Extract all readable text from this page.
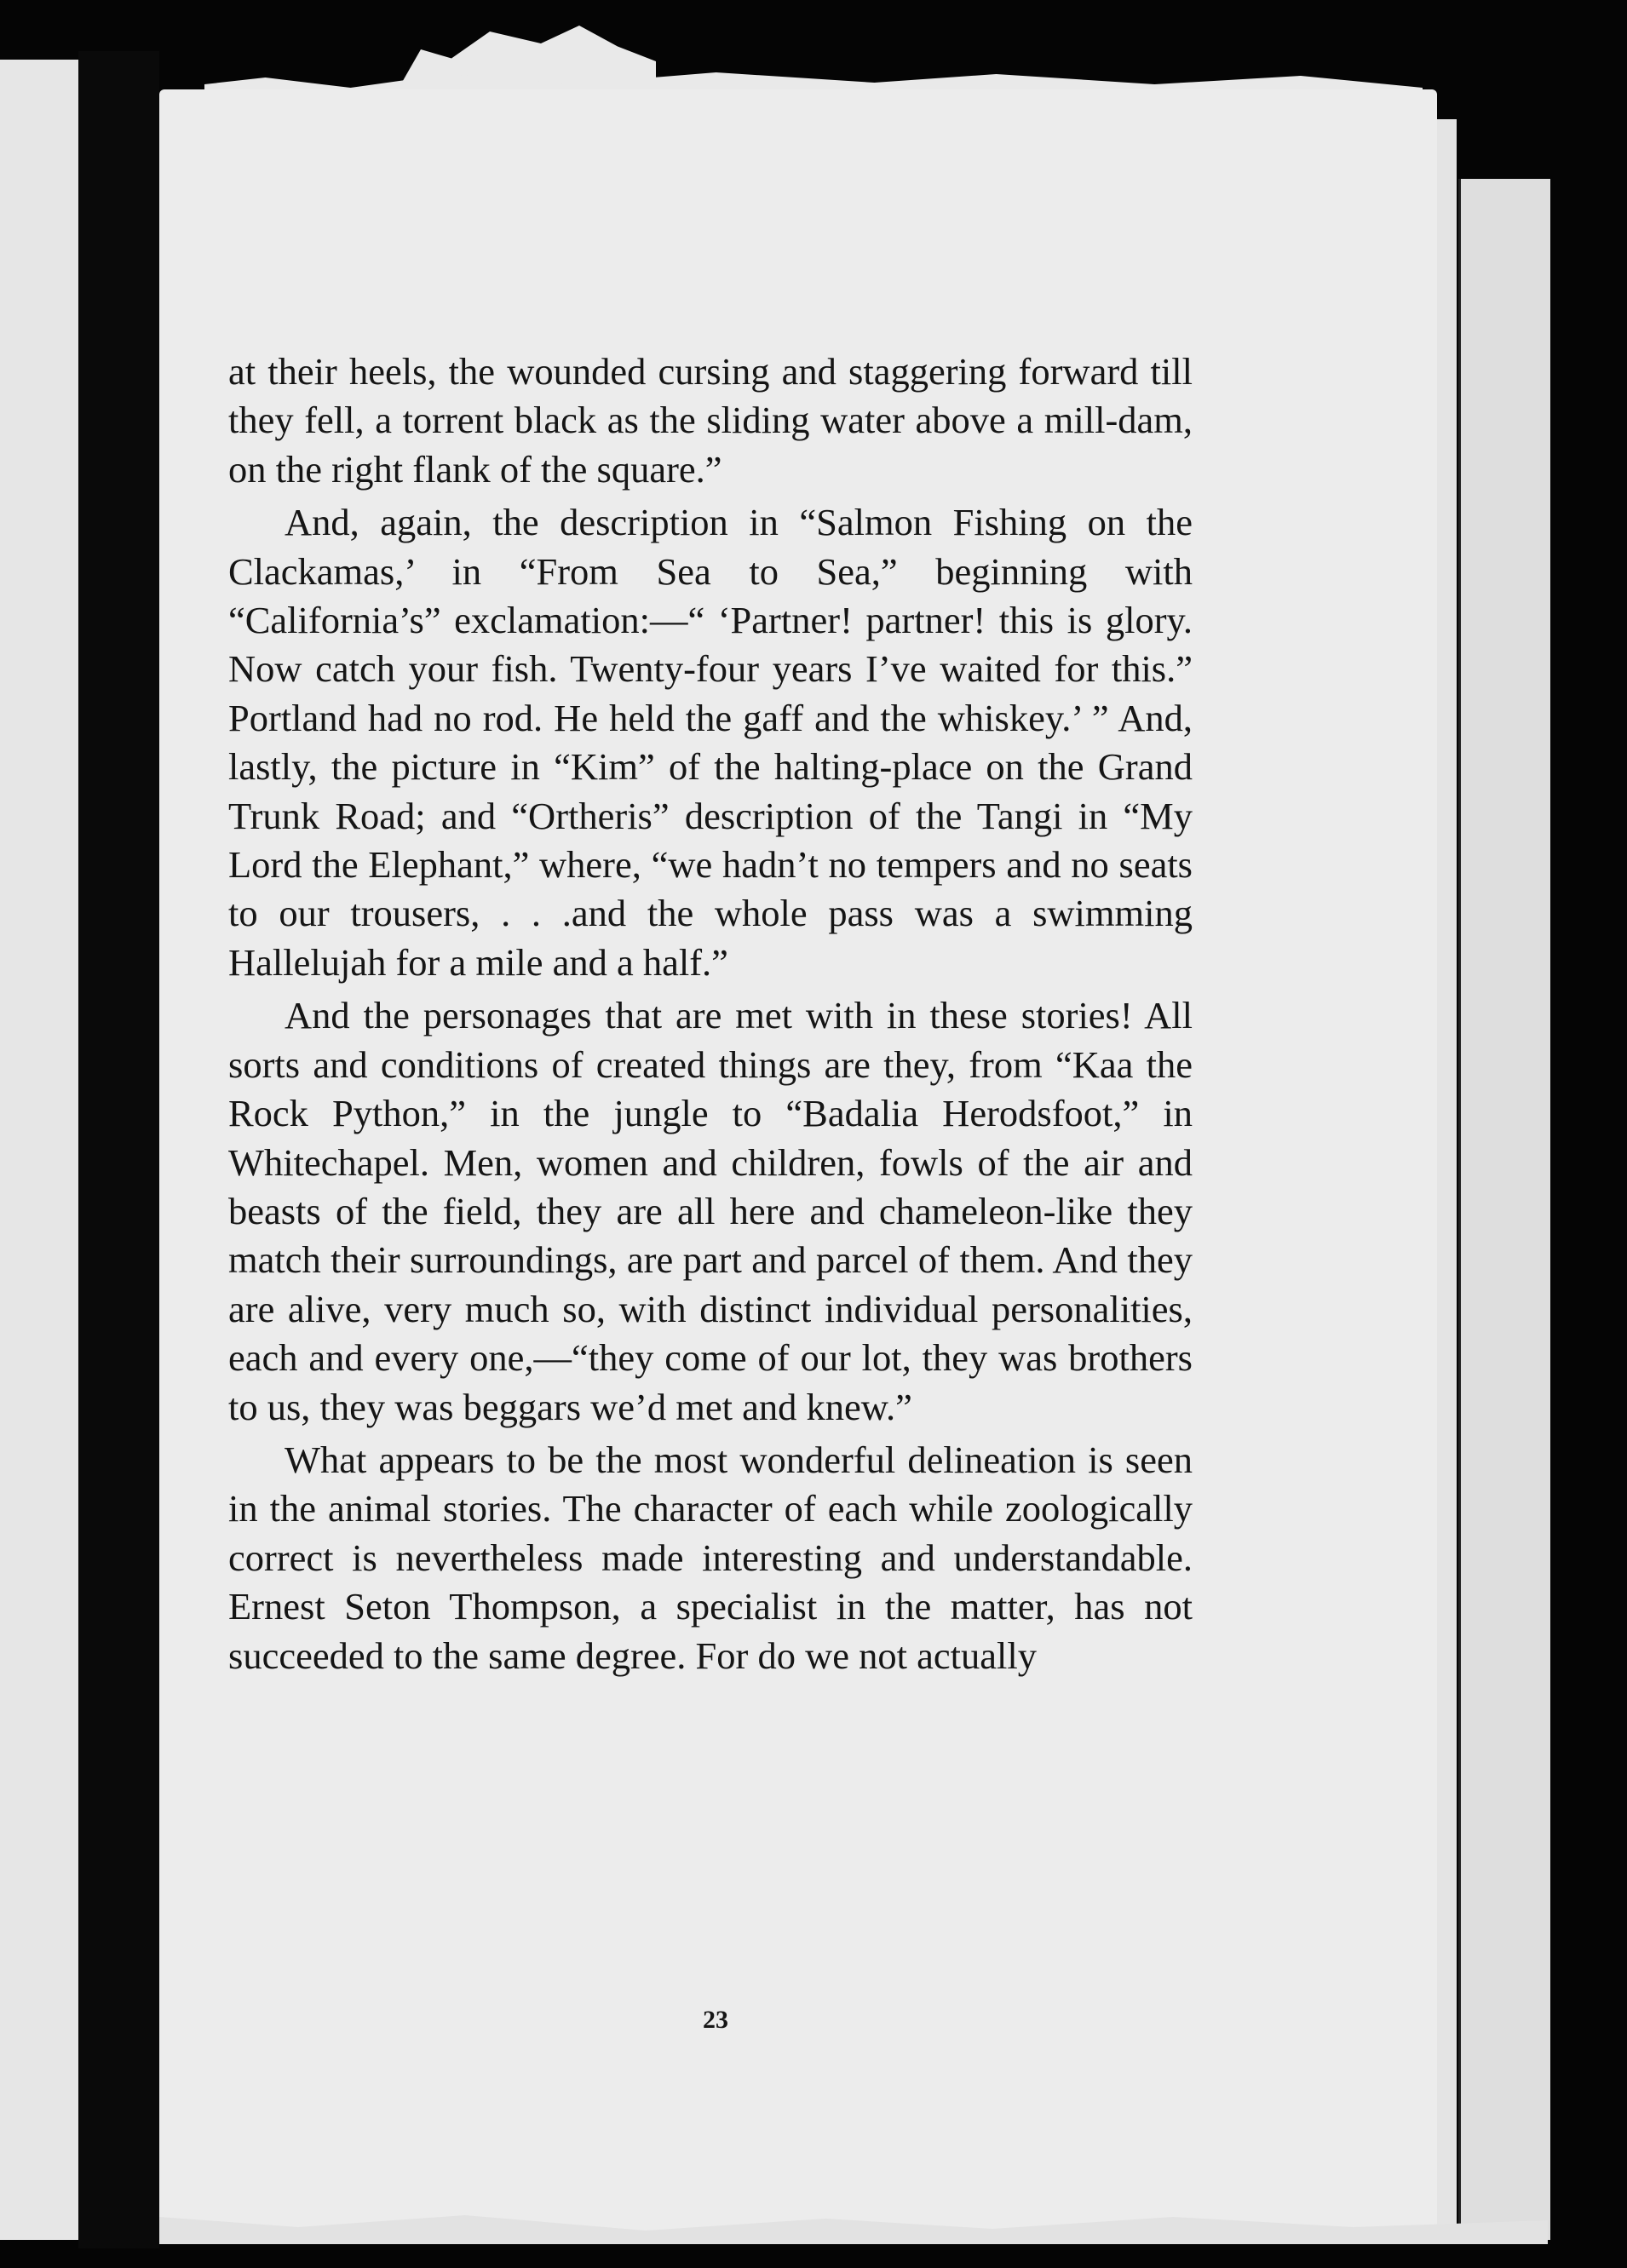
at their heels, the wounded cursing and staggering forward till they fell, a torrent black as the sliding water above a mill-dam, on the right flank of the square.”

And, again, the description in “Salmon Fishing on the Clackamas,’ in “From Sea to Sea,” beginning with “California’s” exclamation:—“ ‘Partner! partner! this is glory. Now catch your fish. Twenty-four years I’ve waited for this.” Portland had no rod. He held the gaff and the whiskey.’ ” And, lastly, the picture in “Kim” of the halting-place on the Grand Trunk Road; and “Ortheris” description of the Tangi in “My Lord the Elephant,” where, “we hadn’t no tempers and no seats to our trousers, . . .and the whole pass was a swimming Hallelujah for a mile and a half.”

And the personages that are met with in these stories! All sorts and conditions of created things are they, from “Kaa the Rock Python,” in the jungle to “Badalia Herodsfoot,” in Whitechapel. Men, women and children, fowls of the air and beasts of the field, they are all here and chameleon-like they match their surroundings, are part and parcel of them. And they are alive, very much so, with distinct individual personalities, each and every one,—“they come of our lot, they was brothers to us, they was beggars we’d met and knew.”

What appears to be the most wonderful delineation is seen in the animal stories. The character of each while zoologically correct is nevertheless made interesting and understandable. Ernest Seton Thompson, a specialist in the matter, has not succeeded to the same degree. For do we not actually

23
